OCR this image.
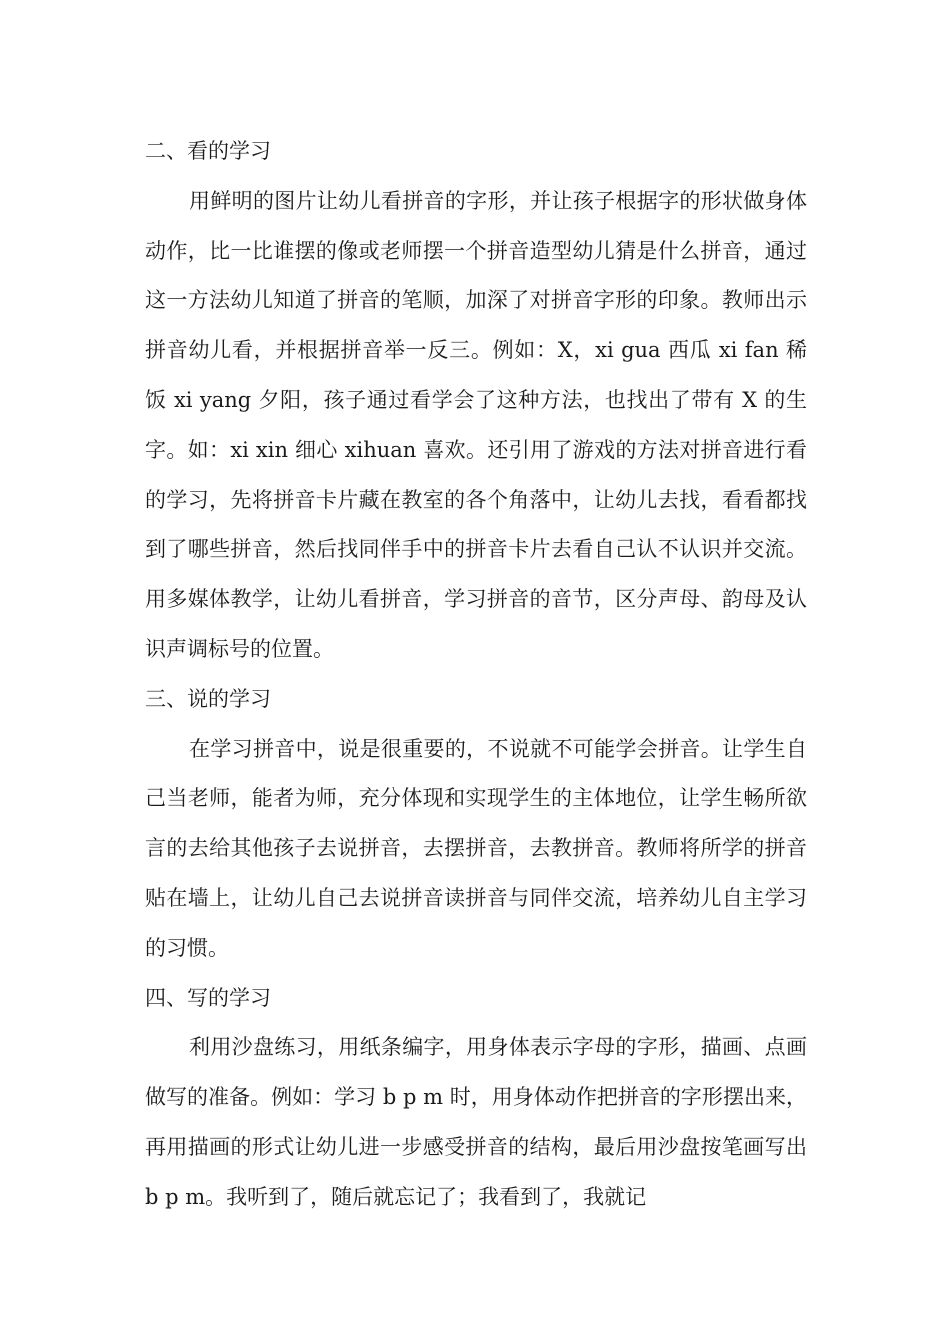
二、看的学习

用鲜明的图片让幼儿看拼音的字形，并让孩子根据字的形状做身体动作，比一比谁摆的像或老师摆一个拼音造型幼儿猜是什么拼音，通过这一方法幼儿知道了拼音的笔顺，加深了对拼音字形的印象。教师出示拼音幼儿看，并根据拼音举一反三。例如：X，xi gua 西瓜 xi fan 稀饭 xi yang 夕阳，孩子通过看学会了这种方法，也找出了带有 X 的生字。如：xi xin 细心 xihuan 喜欢。还引用了游戏的方法对拼音进行看的学习，先将拼音卡片藏在教室的各个角落中，让幼儿去找，看看都找到了哪些拼音，然后找同伴手中的拼音卡片去看自己认不认识并交流。用多媒体教学，让幼儿看拼音，学习拼音的音节，区分声母、韵母及认识声调标号的位置。

三、说的学习

在学习拼音中，说是很重要的，不说就不可能学会拼音。让学生自己当老师，能者为师，充分体现和实现学生的主体地位，让学生畅所欲言的去给其他孩子去说拼音，去摆拼音，去教拼音。教师将所学的拼音贴在墙上，让幼儿自己去说拼音读拼音与同伴交流，培养幼儿自主学习的习惯。

四、写的学习

利用沙盘练习，用纸条编字，用身体表示字母的字形，描画、点画做写的准备。例如：学习 b p m 时，用身体动作把拼音的字形摆出来，再用描画的形式让幼儿进一步感受拼音的结构，最后用沙盘按笔画写出 b p m。我听到了，随后就忘记了；我看到了，我就记
